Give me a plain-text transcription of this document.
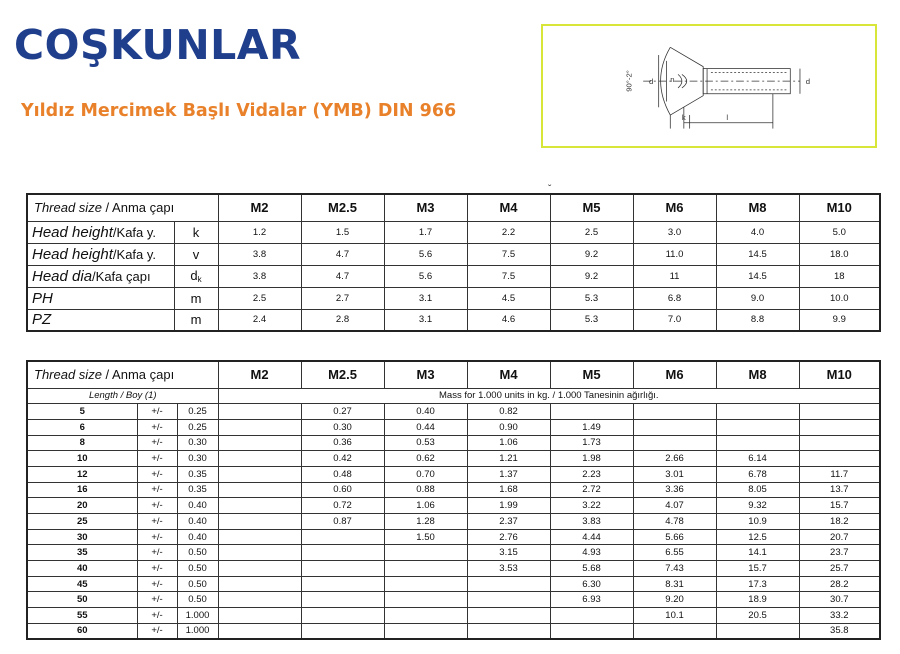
COŞKUNLAR
Yıldız Mercimek Başlı Vidalar (YMB) DIN 966
90°-2° d n	d
k	l
ˇ
Thread size / Anma çapı		M2	M2.5	M3	M4	M5	M6	M8	M10
Head height/Kafa y.	k	1.2	1.5	1.7	2.2	2.5	3.0	4.0	5.0
Head height/Kafa y.	v	3.8	4.7	5.6	7.5	9.2	11.0	14.5	18.0
Head dia/Kafa çapı	$d_k$	3.8	4.7	5.6	7.5	9.2	11	14.5	18
PH	m	2.5	2.7	3.1	4.5	5.3	6.8	9.0	10.0
PZ	m	2.4	2.8	3.1	4.6	5.3	7.0	8.8	9.9
Thread size / Anma çapı			M2	M2.5	M3	M4	M5	M6	M8	M10
Length / Boy (1)			Mass for 1.000 units in kg. / 1.000 Tanesinin ağırlığı.							
5	+/-	0.25		0.27	0.40	0.82				
6	+/-	0.25		0.30	0.44	0.90	1.49			
8	+/-	0.30		0.36	0.53	1.06	1.73			
10	+/-	0.30		0.42	0.62	1.21	1.98	2.66	6.14	
12	+/-	0.35		0.48	0.70	1.37	2.23	3.01	6.78	11.7
16	+/-	0.35		0.60	0.88	1.68	2.72	3.36	8.05	13.7
20	+/-	0.40		0.72	1.06	1.99	3.22	4.07	9.32	15.7
25	+/-	0.40		0.87	1.28	2.37	3.83	4.78	10.9	18.2
30	+/-	0.40			1.50	2.76	4.44	5.66	12.5	20.7
35	+/-	0.50				3.15	4.93	6.55	14.1	23.7
40	+/-	0.50				3.53	5.68	7.43	15.7	25.7
45	+/-	0.50					6.30	8.31	17.3	28.2
50	+/-	0.50					6.93	9.20	18.9	30.7
55	+/-	1.000						10.1	20.5	33.2
60	+/-	1.000								35.8
